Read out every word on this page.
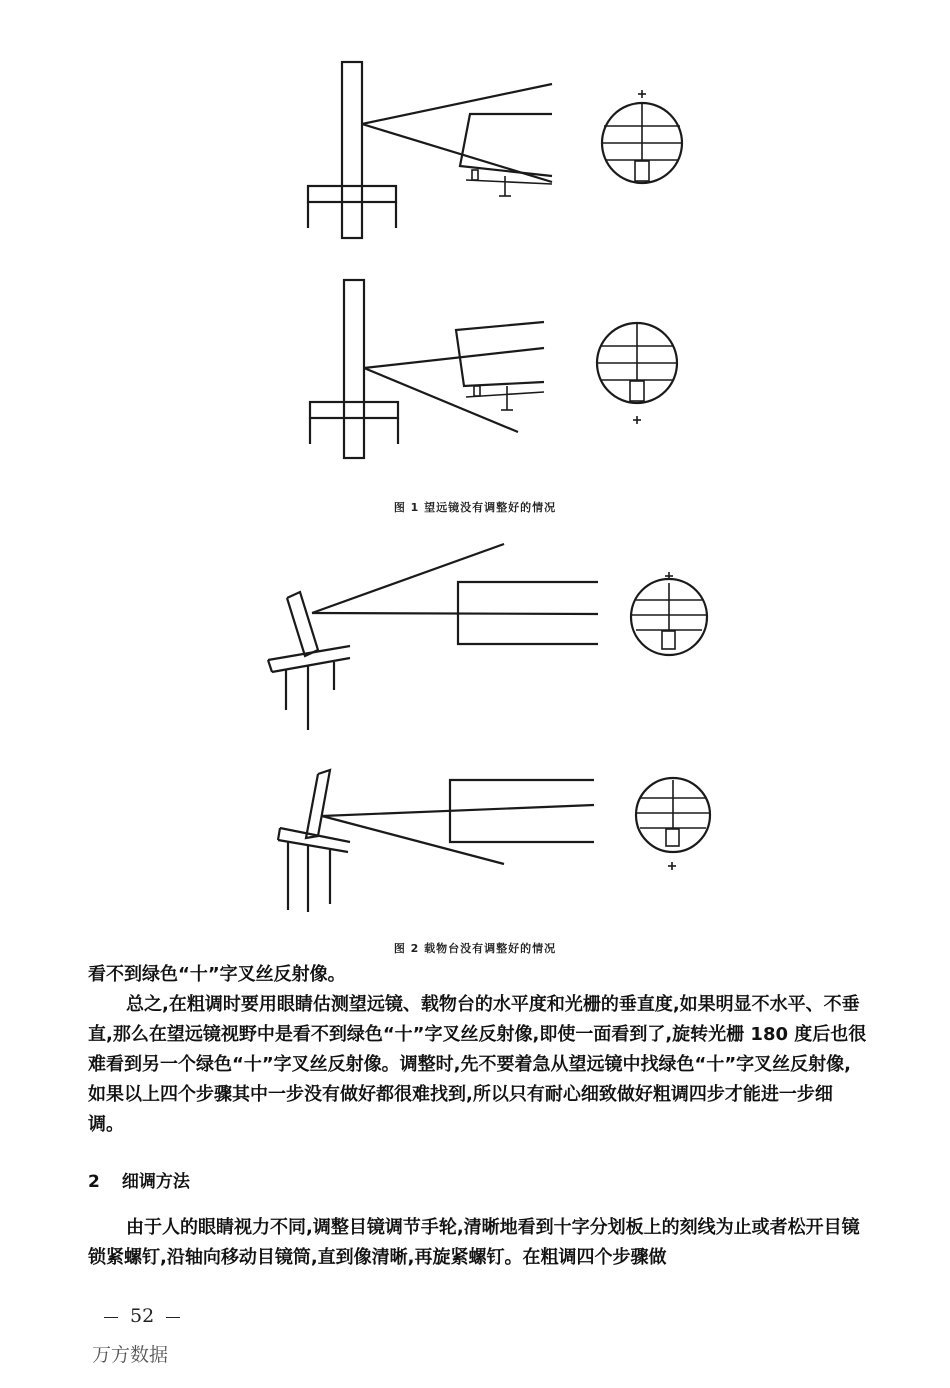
图 1 望远镜没有调整好的情况
图 2 载物台没有调整好的情况

看不到绿色“十”字叉丝反射像。

总之,在粗调时要用眼睛估测望远镜、载物台的水平度和光栅的垂直度,如果明显不水平、不垂直,那么在望远镜视野中是看不到绿色“十”字叉丝反射像,即使一面看到了,旋转光栅 180 度后也很难看到另一个绿色“十”字叉丝反射像。调整时,先不要着急从望远镜中找绿色“十”字叉丝反射像,如果以上四个步骤其中一步没有做好都很难找到,所以只有耐心细致做好粗调四步才能进一步细调。

2 细调方法

由于人的眼睛视力不同,调整目镜调节手轮,清晰地看到十字分划板上的刻线为止或者松开目镜锁紧螺钉,沿轴向移动目镜筒,直到像清晰,再旋紧螺钉。在粗调四个步骤做

52
万方数据
